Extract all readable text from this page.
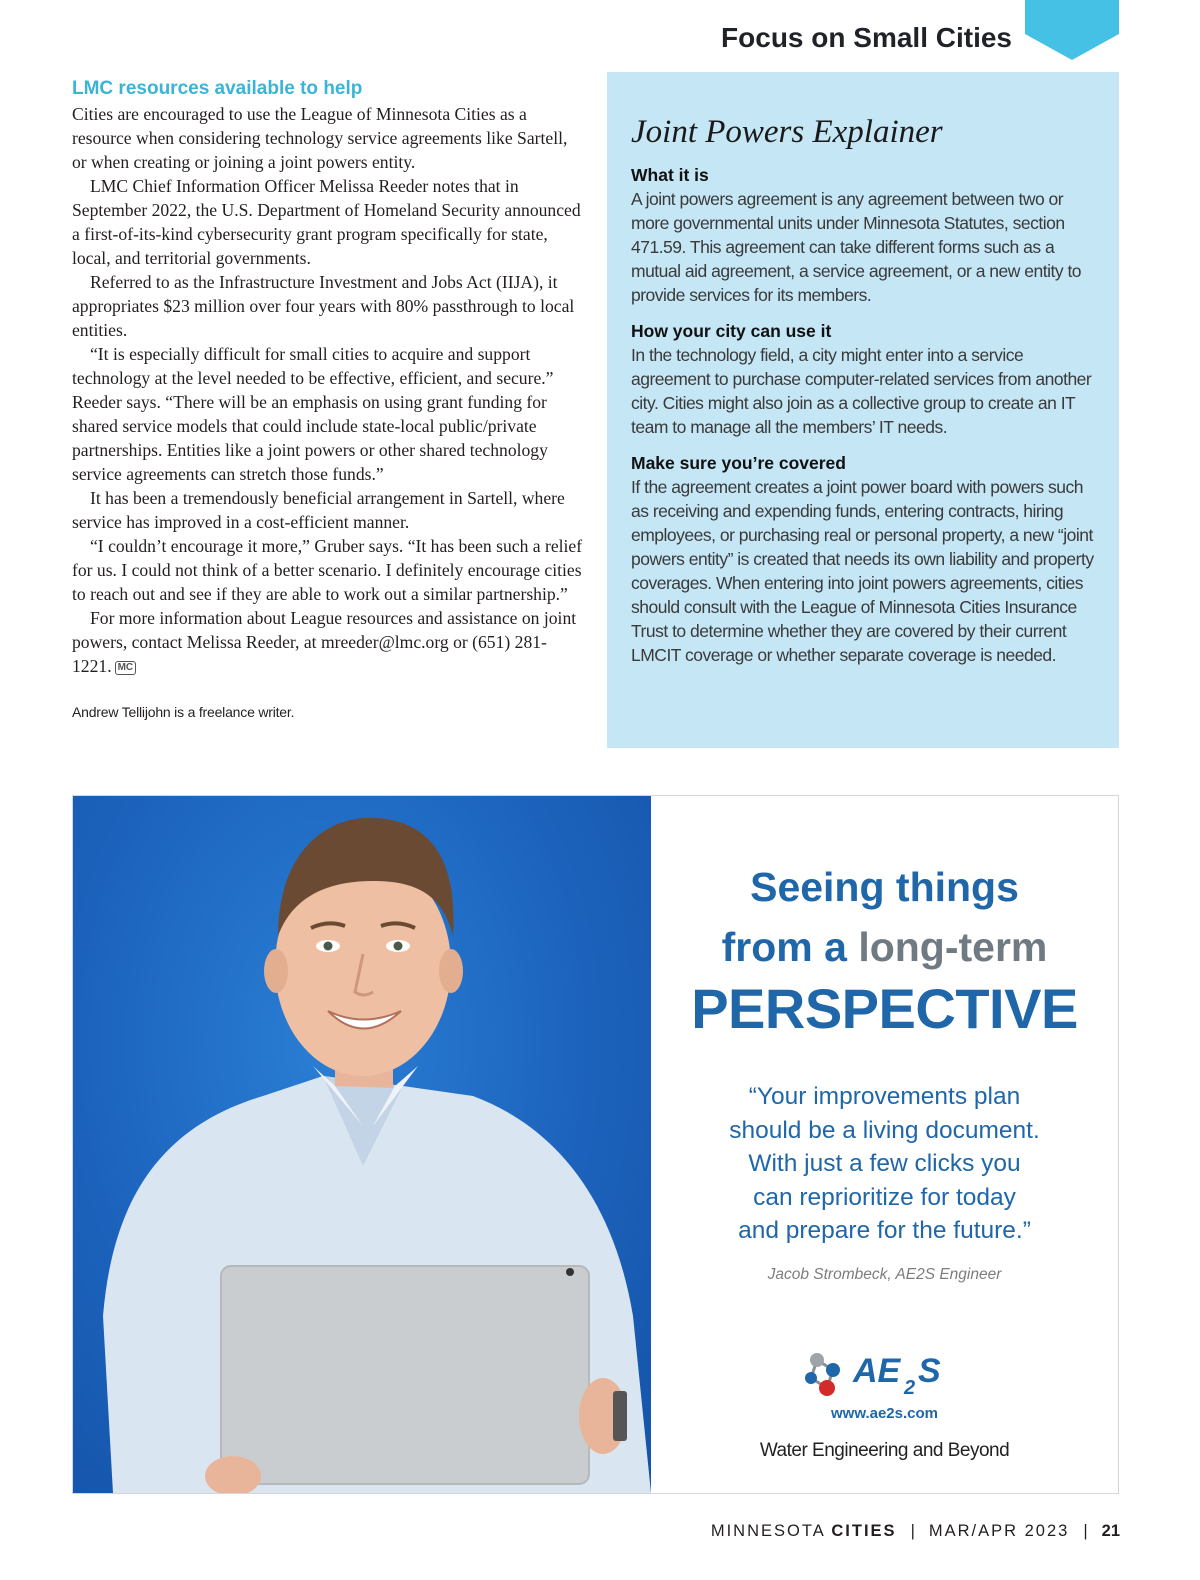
Focus on Small Cities
LMC resources available to help

Cities are encouraged to use the League of Minnesota Cities as a resource when considering technology service agreements like Sartell, or when creating or joining a joint powers entity.

LMC Chief Information Officer Melissa Reeder notes that in September 2022, the U.S. Department of Homeland Security announced a first-of-its-kind cybersecurity grant program specifically for state, local, and territorial governments.

Referred to as the Infrastructure Investment and Jobs Act (IIJA), it appropriates $23 million over four years with 80% passthrough to local entities.

“It is especially difficult for small cities to acquire and support technology at the level needed to be effective, efficient, and secure.” Reeder says. “There will be an emphasis on using grant funding for shared service models that could include state-local public/private partnerships. Entities like a joint powers or other shared technology service agreements can stretch those funds.”

It has been a tremendously beneficial arrangement in Sartell, where service has improved in a cost-efficient manner.

“I couldn’t encourage it more,” Gruber says. “It has been such a relief for us. I could not think of a better scenario. I definitely encourage cities to reach out and see if they are able to work out a similar partnership.”

For more information about League resources and assistance on joint powers, contact Melissa Reeder, at mreeder@lmc.org or (651) 281-1221. MC

Andrew Tellijohn is a freelance writer.
Joint Powers Explainer
What it is

A joint powers agreement is any agreement between two or more governmental units under Minnesota Statutes, section 471.59. This agreement can take different forms such as a mutual aid agreement, a service agreement, or a new entity to provide services for its members.

How your city can use it

In the technology field, a city might enter into a service agreement to purchase computer-related services from another city. Cities might also join as a collective group to create an IT team to manage all the members’ IT needs.

Make sure you’re covered

If the agreement creates a joint power board with powers such as receiving and expending funds, entering contracts, hiring employees, or purchasing real or personal property, a new “joint powers entity” is created that needs its own liability and property coverages. When entering into joint powers agreements, cities should consult with the League of Minnesota Cities Insurance Trust to determine whether they are covered by their current LMCIT coverage or whether separate coverage is needed.

Seeing things
from a long-term
PERSPECTIVE
“Your improvements plan
should be a living document.
With just a few clicks you
can reprioritize for today
and prepare for the future.”
Jacob Strombeck, AE2S Engineer
AE 2 S
www.ae2s.com
Water Engineering and Beyond
MINNESOTA CITIES | MAR/APR 2023 | 21
